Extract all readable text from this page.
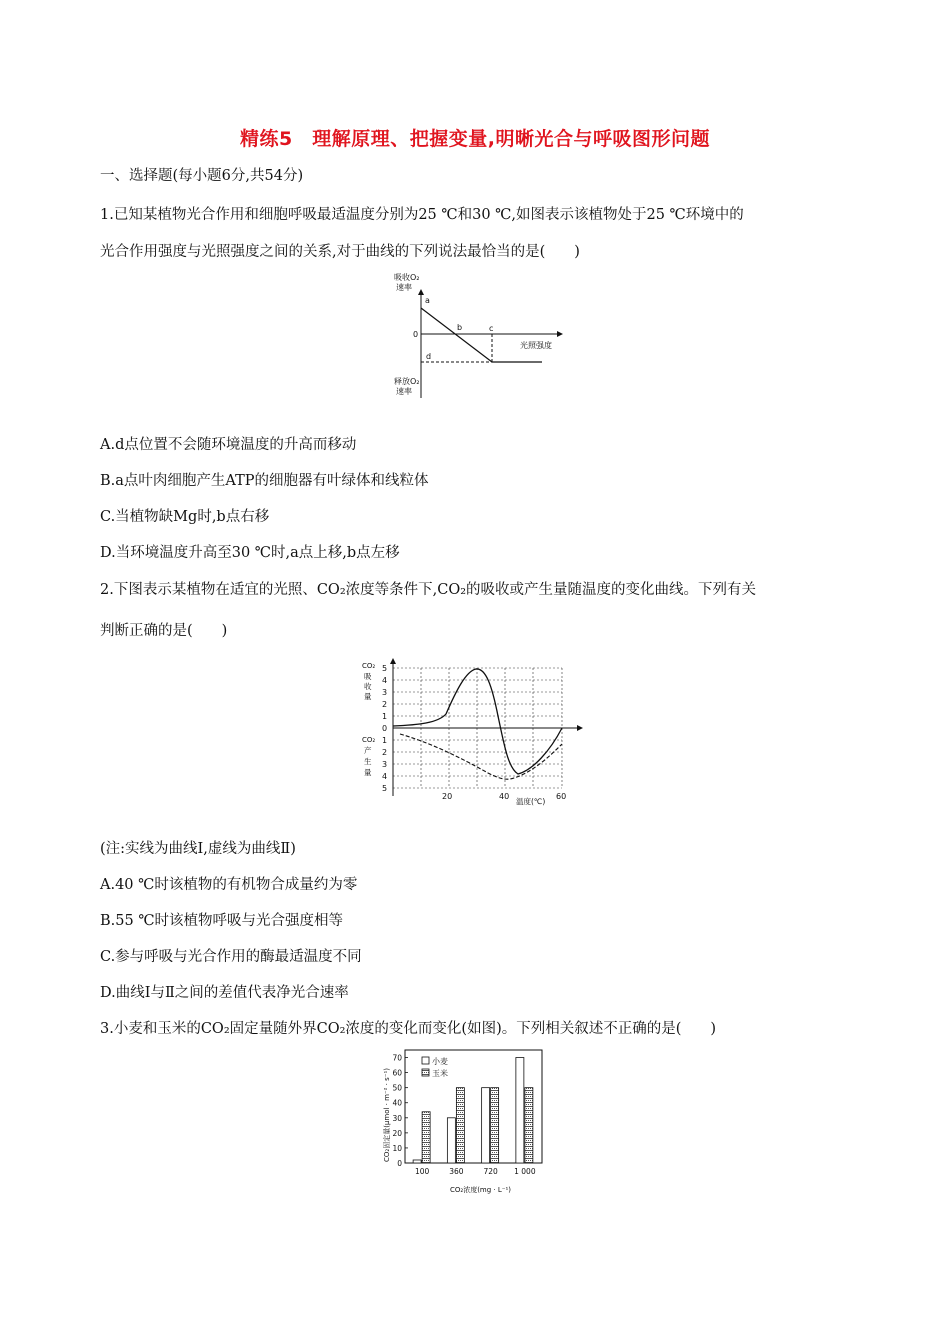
精练5　理解原理、把握变量,明晰光合与呼吸图形问题
一、选择题(每小题6分,共54分)
1.已知某植物光合作用和细胞呼吸最适温度分别为25 ℃和30 ℃,如图表示该植物处于25 ℃环境中的
光合作用强度与光照强度之间的关系,对于曲线的下列说法最恰当的是(　　)
吸收O₂
速率
释放O₂
速率
光照强度
0
a
b	c
d
A.d点位置不会随环境温度的升高而移动
B.a点叶肉细胞产生ATP的细胞器有叶绿体和线粒体
C.当植物缺Mg时,b点右移
D.当环境温度升高至30 ℃时,a点上移,b点左移
2.下图表示某植物在适宜的光照、CO₂浓度等条件下,CO₂的吸收或产生量随温度的变化曲线。下列有关
判断正确的是(　　)
5
4
3
2
1
0
1
2
3
4
5
CO₂
吸
收
量
CO₂
产
生
量
20	40	60
温度(℃)
(注:实线为曲线Ⅰ,虚线为曲线Ⅱ)
A.40 ℃时该植物的有机物合成量约为零
B.55 ℃时该植物呼吸与光合强度相等
C.参与呼吸与光合作用的酶最适温度不同
D.曲线Ⅰ与Ⅱ之间的差值代表净光合速率
3.小麦和玉米的CO₂固定量随外界CO₂浓度的变化而变化(如图)。下列相关叙述不正确的是(　　)
0
10
20
30
40
50
60
70
100	360	720 1 000
小麦
玉米
CO₂固定量(μmol · m⁻² · s⁻¹)
CO₂浓度(mg · L⁻¹)
